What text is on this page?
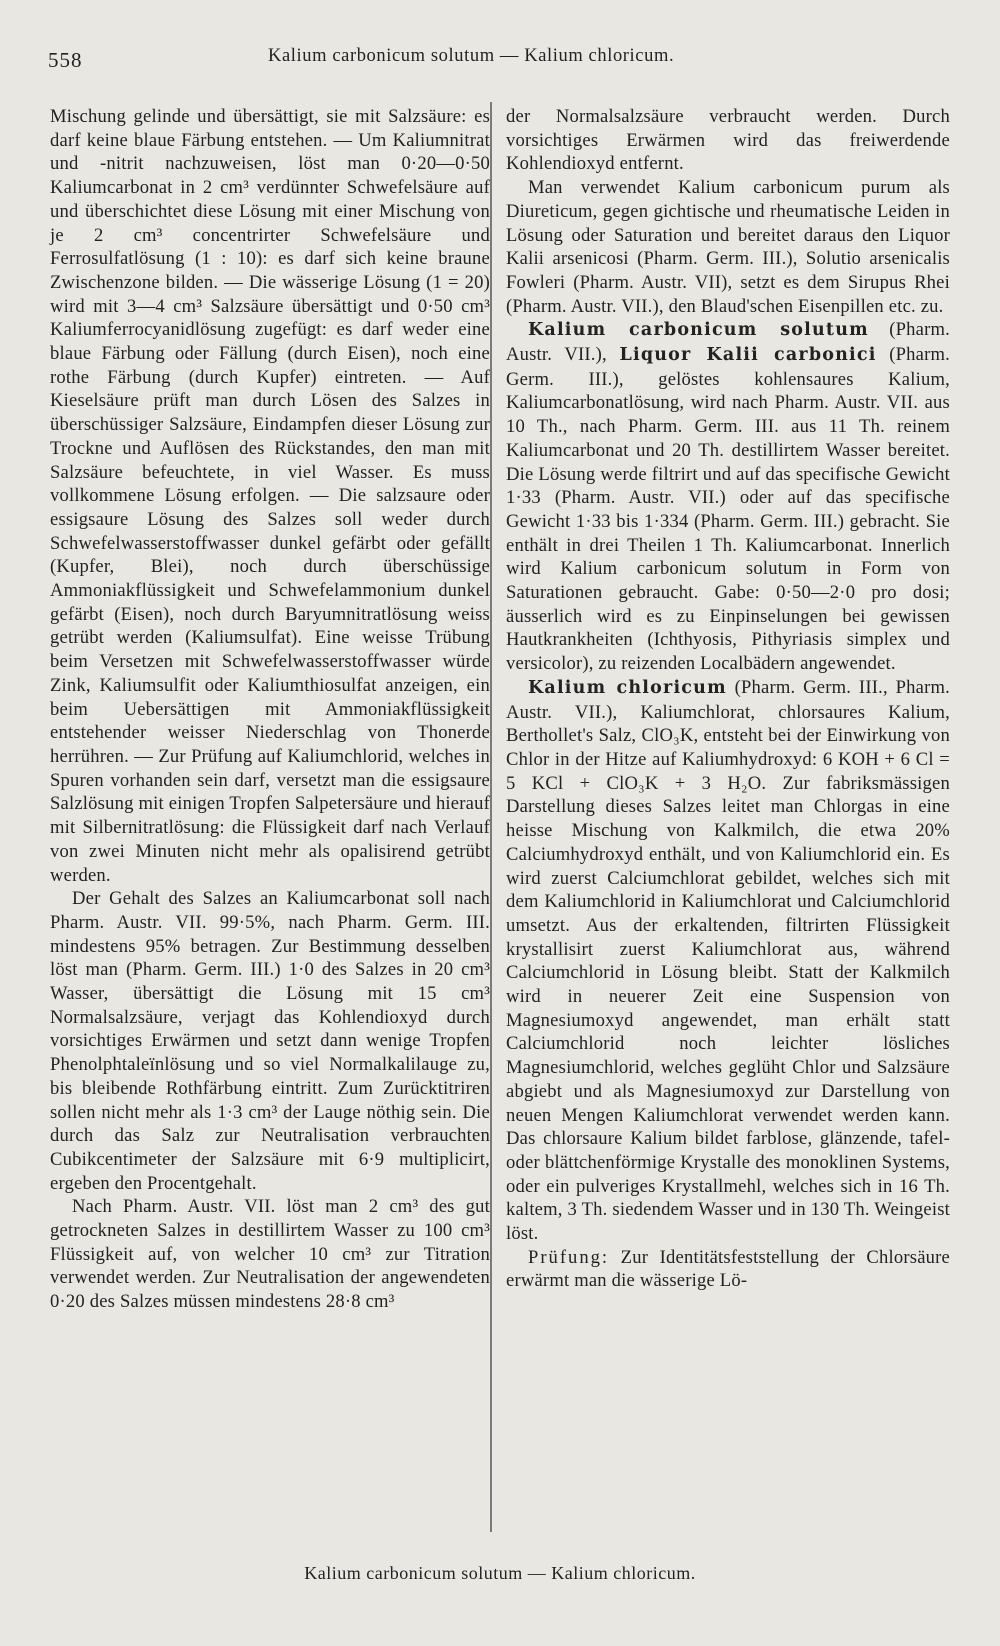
558	Kalium carbonicum solutum — Kalium chloricum.

Mischung gelinde und übersättigt, sie mit Salzsäure: es darf keine blaue Färbung entstehen. — Um Kaliumnitrat und -nitrit nachzuweisen, löst man 0·20—0·50 Kaliumcarbonat in 2 cm³ verdünnter Schwefelsäure auf und überschichtet diese Lösung mit einer Mischung von je 2 cm³ concentrirter Schwefelsäure und Ferrosulfatlösung (1 : 10): es darf sich keine braune Zwischenzone bilden. — Die wässerige Lösung (1 = 20) wird mit 3—4 cm³ Salzsäure übersättigt und 0·50 cm³ Kaliumferrocyanidlösung zugefügt: es darf weder eine blaue Färbung oder Fällung (durch Eisen), noch eine rothe Färbung (durch Kupfer) eintreten. — Auf Kieselsäure prüft man durch Lösen des Salzes in überschüssiger Salzsäure, Eindampfen dieser Lösung zur Trockne und Auflösen des Rückstandes, den man mit Salzsäure befeuchtete, in viel Wasser. Es muss vollkommene Lösung erfolgen. — Die salzsaure oder essigsaure Lösung des Salzes soll weder durch Schwefelwasserstoffwasser dunkel gefärbt oder gefällt (Kupfer, Blei), noch durch überschüssige Ammoniakflüssigkeit und Schwefelammonium dunkel gefärbt (Eisen), noch durch Baryumnitratlösung weiss getrübt werden (Kaliumsulfat). Eine weisse Trübung beim Versetzen mit Schwefelwasserstoffwasser würde Zink, Kaliumsulfit oder Kaliumthiosulfat anzeigen, ein beim Uebersättigen mit Ammoniakflüssigkeit entstehender weisser Niederschlag von Thonerde herrühren. — Zur Prüfung auf Kaliumchlorid, welches in Spuren vorhanden sein darf, versetzt man die essigsaure Salzlösung mit einigen Tropfen Salpetersäure und hierauf mit Silbernitratlösung: die Flüssigkeit darf nach Verlauf von zwei Minuten nicht mehr als opalisirend getrübt werden.

Der Gehalt des Salzes an Kaliumcarbonat soll nach Pharm. Austr. VII. 99·5%, nach Pharm. Germ. III. mindestens 95% betragen. Zur Bestimmung desselben löst man (Pharm. Germ. III.) 1·0 des Salzes in 20 cm³ Wasser, übersättigt die Lösung mit 15 cm³ Normalsalzsäure, verjagt das Kohlendioxyd durch vorsichtiges Erwärmen und setzt dann wenige Tropfen Phenolphtaleïnlösung und so viel Normalkalilauge zu, bis bleibende Rothfärbung eintritt. Zum Zurücktitriren sollen nicht mehr als 1·3 cm³ der Lauge nöthig sein. Die durch das Salz zur Neutralisation verbrauchten Cubikcentimeter der Salzsäure mit 6·9 multiplicirt, ergeben den Procentgehalt.

Nach Pharm. Austr. VII. löst man 2 cm³ des gut getrockneten Salzes in destillirtem Wasser zu 100 cm³ Flüssigkeit auf, von welcher 10 cm³ zur Titration verwendet werden. Zur Neutralisation der angewendeten 0·20 des Salzes müssen mindestens 28·8 cm³

der Normalsalzsäure verbraucht werden. Durch vorsichtiges Erwärmen wird das freiwerdende Kohlendioxyd entfernt.

Man verwendet Kalium carbonicum purum als Diureticum, gegen gichtische und rheumatische Leiden in Lösung oder Saturation und bereitet daraus den Liquor Kalii arsenicosi (Pharm. Germ. III.), Solutio arsenicalis Fowleri (Pharm. Austr. VII), setzt es dem Sirupus Rhei (Pharm. Austr. VII.), den Blaud'schen Eisenpillen etc. zu.

Kalium carbonicum solutum (Pharm. Austr. VII.), Liquor Kalii carbonici (Pharm. Germ. III.), gelöstes kohlensaures Kalium, Kaliumcarbonatlösung, wird nach Pharm. Austr. VII. aus 10 Th., nach Pharm. Germ. III. aus 11 Th. reinem Kaliumcarbonat und 20 Th. destillirtem Wasser bereitet. Die Lösung werde filtrirt und auf das specifische Gewicht 1·33 (Pharm. Austr. VII.) oder auf das specifische Gewicht 1·33 bis 1·334 (Pharm. Germ. III.) gebracht. Sie enthält in drei Theilen 1 Th. Kaliumcarbonat. Innerlich wird Kalium carbonicum solutum in Form von Saturationen gebraucht. Gabe: 0·50—2·0 pro dosi; äusserlich wird es zu Einpinselungen bei gewissen Hautkrankheiten (Ichthyosis, Pithyriasis simplex und versicolor), zu reizenden Localbädern angewendet.

Kalium chloricum (Pharm. Germ. III., Pharm. Austr. VII.), Kaliumchlorat, chlorsaures Kalium, Berthollet's Salz, ClO₃K, entsteht bei der Einwirkung von Chlor in der Hitze auf Kaliumhydroxyd: 6 KOH + 6 Cl = 5 KCl + ClO₃K + 3 H₂O. Zur fabriksmässigen Darstellung dieses Salzes leitet man Chlorgas in eine heisse Mischung von Kalkmilch, die etwa 20% Calciumhydroxyd enthält, und von Kaliumchlorid ein. Es wird zuerst Calciumchlorat gebildet, welches sich mit dem Kaliumchlorid in Kaliumchlorat und Calciumchlorid umsetzt. Aus der erkaltenden, filtrirten Flüssigkeit krystallisirt zuerst Kaliumchlorat aus, während Calciumchlorid in Lösung bleibt. Statt der Kalkmilch wird in neuerer Zeit eine Suspension von Magnesiumoxyd angewendet, man erhält statt Calciumchlorid noch leichter lösliches Magnesiumchlorid, welches geglüht Chlor und Salzsäure abgiebt und als Magnesiumoxyd zur Darstellung von neuen Mengen Kaliumchlorat verwendet werden kann. Das chlorsaure Kalium bildet farblose, glänzende, tafel- oder blättchenförmige Krystalle des monoklinen Systems, oder ein pulveriges Krystallmehl, welches sich in 16 Th. kaltem, 3 Th. siedendem Wasser und in 130 Th. Weingeist löst.

Prüfung: Zur Identitätsfeststellung der Chlorsäure erwärmt man die wässerige Lö-

Kalium carbonicum solutum — Kalium chloricum.
